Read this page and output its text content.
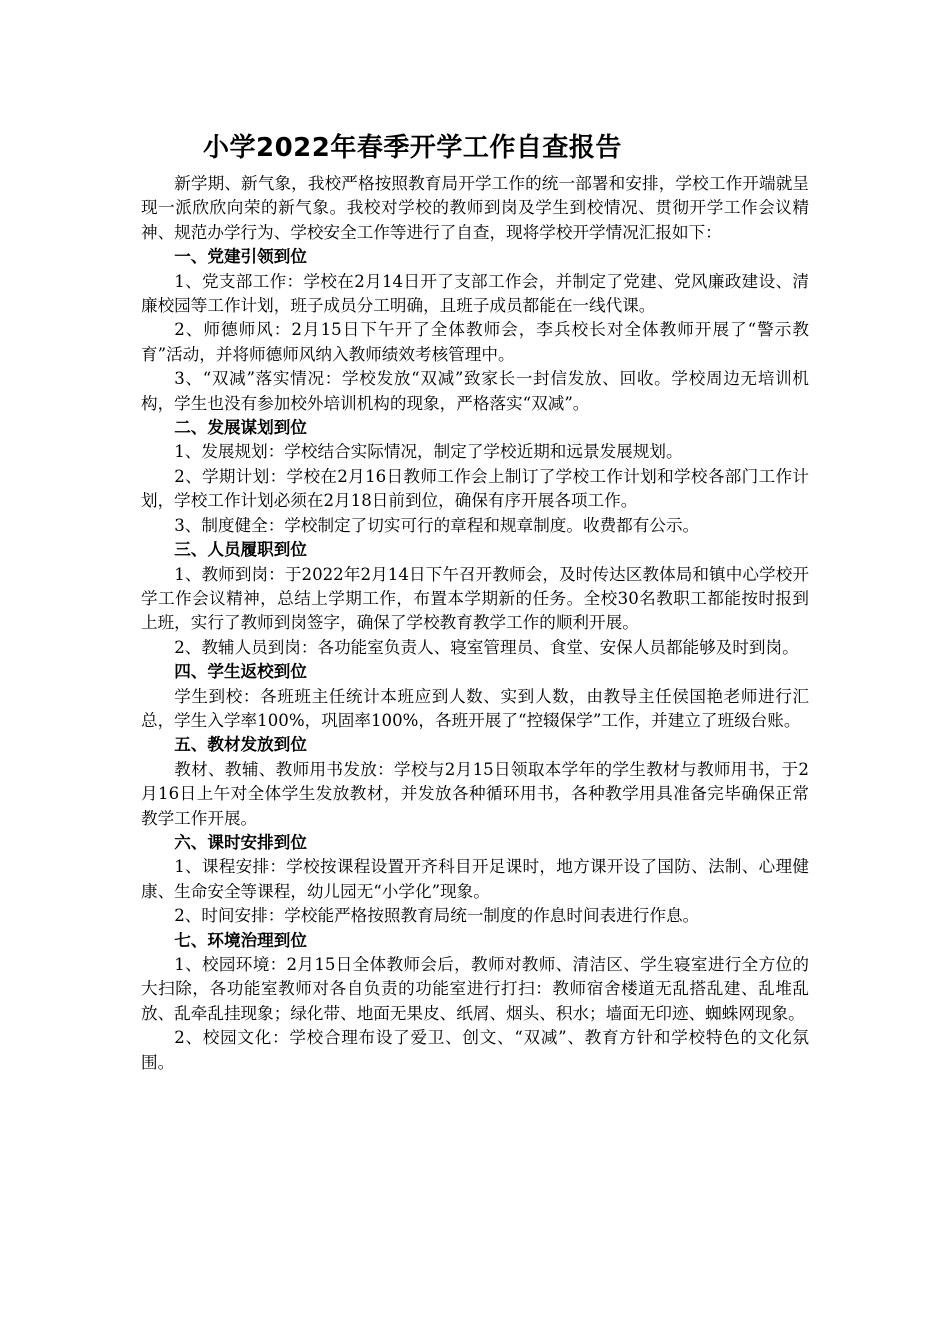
小学2022年春季开学工作自查报告

新学期、新气象，我校严格按照教育局开学工作的统一部署和安排，学校工作开端就呈现一派欣欣向荣的新气象。我校对学校的教师到岗及学生到校情况、贯彻开学工作会议精神、规范办学行为、学校安全工作等进行了自查，现将学校开学情况汇报如下：

一、党建引领到位

1、党支部工作：学校在2月14日开了支部工作会，并制定了党建、党风廉政建设、清廉校园等工作计划，班子成员分工明确，且班子成员都能在一线代课。

2、师德师风：2月15日下午开了全体教师会，李兵校长对全体教师开展了“警示教育”活动，并将师德师风纳入教师绩效考核管理中。

3、“双减”落实情况：学校发放“双减”致家长一封信发放、回收。学校周边无培训机构，学生也没有参加校外培训机构的现象，严格落实“双减”。

二、发展谋划到位

1、发展规划：学校结合实际情况，制定了学校近期和远景发展规划。

2、学期计划：学校在2月16日教师工作会上制订了学校工作计划和学校各部门工作计划，学校工作计划必须在2月18日前到位，确保有序开展各项工作。

3、制度健全：学校制定了切实可行的章程和规章制度。收费都有公示。

三、人员履职到位

1、教师到岗：于2022年2月14日下午召开教师会，及时传达区教体局和镇中心学校开学工作会议精神，总结上学期工作，布置本学期新的任务。全校30名教职工都能按时报到上班，实行了教师到岗签字，确保了学校教育教学工作的顺利开展。

2、教辅人员到岗：各功能室负责人、寝室管理员、食堂、安保人员都能够及时到岗。

四、学生返校到位

学生到校：各班班主任统计本班应到人数、实到人数，由教导主任侯国艳老师进行汇总，学生入学率100%，巩固率100%，各班开展了“控辍保学”工作，并建立了班级台账。

五、教材发放到位

教材、教辅、教师用书发放：学校与2月15日领取本学年的学生教材与教师用书，于2月16日上午对全体学生发放教材，并发放各种循环用书，各种教学用具准备完毕确保正常教学工作开展。

六、课时安排到位

1、课程安排：学校按课程设置开齐科目开足课时，地方课开设了国防、法制、心理健康、生命安全等课程，幼儿园无“小学化”现象。

2、时间安排：学校能严格按照教育局统一制度的作息时间表进行作息。

七、环境治理到位

1、校园环境：2月15日全体教师会后，教师对教师、清洁区、学生寝室进行全方位的大扫除，各功能室教师对各自负责的功能室进行打扫：教师宿舍楼道无乱搭乱建、乱堆乱放、乱牵乱挂现象；绿化带、地面无果皮、纸屑、烟头、积水；墙面无印迹、蜘蛛网现象。

2、校园文化：学校合理布设了爱卫、创文、“双减”、教育方针和学校特色的文化氛围。
